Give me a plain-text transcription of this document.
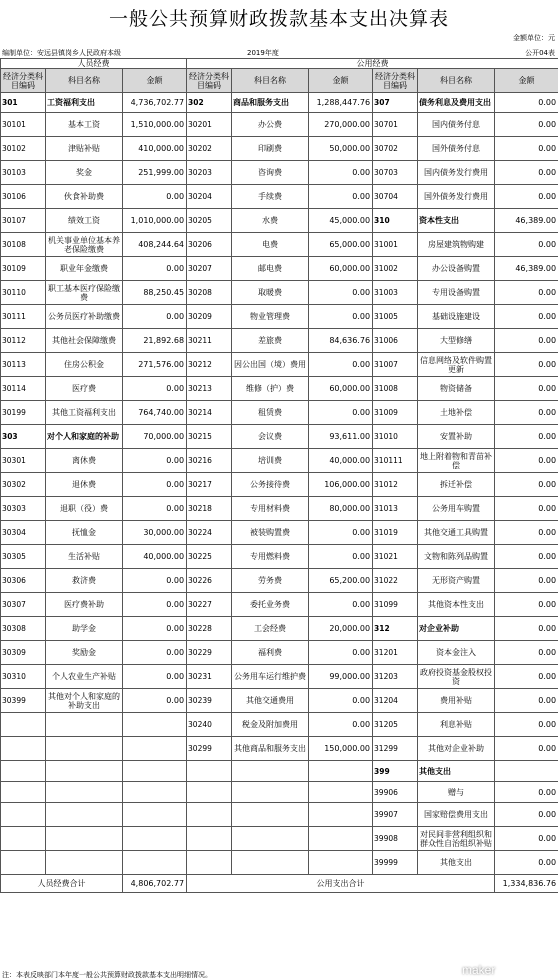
一般公共预算财政拨款基本支出决算表
金额单位：元
编制单位：安远县镇岗乡人民政府本级	2019年度	公开04表
人员经费			公用经费					
经济分类科目编码	科目名称	金额	经济分类科目编码	科目名称	金额	经济分类科目编码	科目名称	金额
301	工资福利支出	4,736,702.77	302	商品和服务支出	1,288,447.76	307	债务利息及费用支出	0.00
30101	基本工资	1,510,000.00	30201	办公费	270,000.00	30701	国内债务付息	0.00
30102	津贴补贴	410,000.00	30202	印刷费	50,000.00	30702	国外债务付息	0.00
30103	奖金	251,999.00	30203	咨询费	0.00	30703	国内债务发行费用	0.00
30106	伙食补助费	0.00	30204	手续费	0.00	30704	国外债务发行费用	0.00
30107	绩效工资	1,010,000.00	30205	水费	45,000.00	310	资本性支出	46,389.00
30108	机关事业单位基本养老保险缴费	408,244.64	30206	电费	65,000.00	31001	房屋建筑物购建	0.00
30109	职业年金缴费	0.00	30207	邮电费	60,000.00	31002	办公设备购置	46,389.00
30110	职工基本医疗保险缴费	88,250.45	30208	取暖费	0.00	31003	专用设备购置	0.00
30111	公务员医疗补助缴费	0.00	30209	物业管理费	0.00	31005	基础设施建设	0.00
30112	其他社会保障缴费	21,892.68	30211	差旅费	84,636.76	31006	大型修缮	0.00
30113	住房公积金	271,576.00	30212	因公出国（境）费用	0.00	31007	信息网络及软件购置更新	0.00
30114	医疗费	0.00	30213	维修（护）费	60,000.00	31008	物资储备	0.00
30199	其他工资福利支出	764,740.00	30214	租赁费	0.00	31009	土地补偿	0.00
303	对个人和家庭的补助	70,000.00	30215	会议费	93,611.00	31010	安置补助	0.00
30301	离休费	0.00	30216	培训费	40,000.00	310111	地上附着物和青苗补偿	0.00
30302	退休费	0.00	30217	公务接待费	106,000.00	31012	拆迁补偿	0.00
30303	退职（役）费	0.00	30218	专用材料费	80,000.00	31013	公务用车购置	0.00
30304	抚恤金	30,000.00	30224	被装购置费	0.00	31019	其他交通工具购置	0.00
30305	生活补贴	40,000.00	30225	专用燃料费	0.00	31021	文物和陈列品购置	0.00
30306	救济费	0.00	30226	劳务费	65,200.00	31022	无形资产购置	0.00
30307	医疗费补助	0.00	30227	委托业务费	0.00	31099	其他资本性支出	0.00
30308	助学金	0.00	30228	工会经费	20,000.00	312	对企业补助	0.00
30309	奖励金	0.00	30229	福利费	0.00	31201	资本金注入	0.00
30310	个人农业生产补贴	0.00	30231	公务用车运行维护费	99,000.00	31203	政府投资基金股权投资	0.00
30399	其他对个人和家庭的补助支出	0.00	30239	其他交通费用	0.00	31204	费用补贴	0.00
			30240	税金及附加费用	0.00	31205	利息补贴	0.00
			30299	其他商品和服务支出	150,000.00	31299	其他对企业补助	0.00
						399	其他支出	
						39906	赠与	0.00
						39907	国家赔偿费用支出	0.00
						39908	对民间非营利组织和群众性自治组织补贴	0.00
						39999	其他支出	0.00
人员经费合计		4,806,702.77	公用支出合计					1,334,836.76
注：本表反映部门本年度一般公共预算财政拨款基本支出明细情况。	maker
